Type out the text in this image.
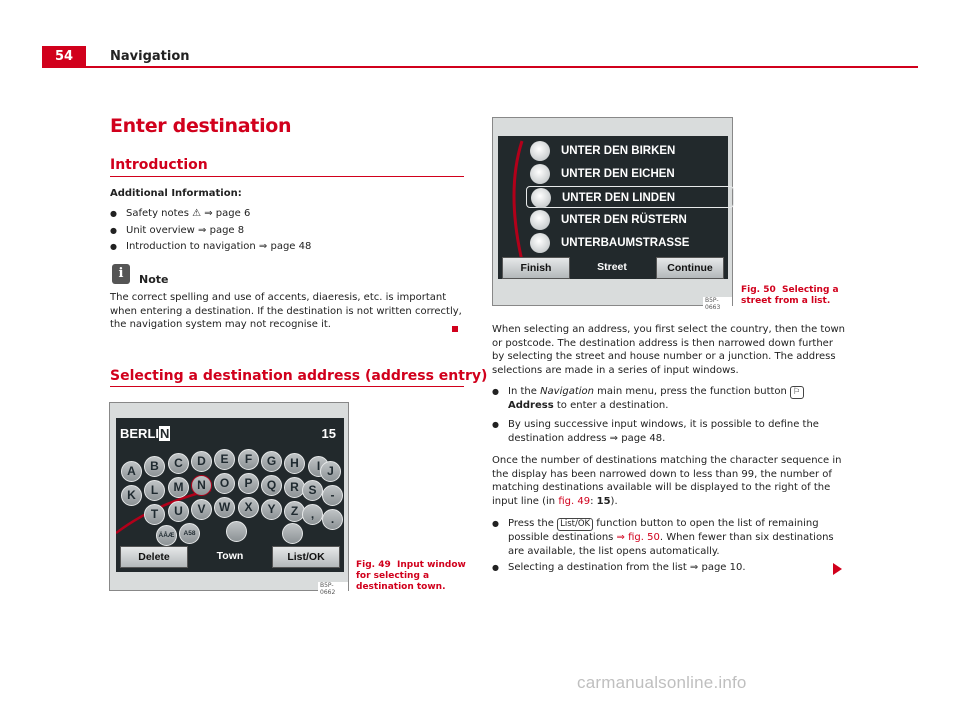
54	Navigation
Enter destination
Introduction
Additional Information:
● Safety notes ⚠ ⇒ page 6
● Unit overview ⇒ page 8
● Introduction to navigation ⇒ page 48
i	Note
The correct spelling and use of accents, diaeresis, etc. is important when entering a destination. If the destination is not written correctly, the navigation system may not recognise it.
Selecting a destination address (address entry)
BERLIN	15
A	B	C	D	E	F	G	H	I J
K	L	M	N	O	P	Q	R S	-
T	U	V	W	X	Y	Z	,	.
ÄÅÆ	A58
Delete	Town	List/OK
B5P-0662
Fig. 49 Input window for selecting a destination town.
UNTER DEN BIRKEN
UNTER DEN EICHEN
UNTER DEN LINDEN
UNTER DEN RÜSTERN
UNTERBAUMSTRASSE
Finish	Street	Continue
B5P-0663
Fig. 50 Selecting a street from a list.
When selecting an address, you first select the country, then the town or postcode. The destination address is then narrowed down further by selecting the street and house number or a junction. The address selections are made in a series of input windows.
● In the Navigation main menu, press the function button ⚐ Address to enter a destination.
● By using successive input windows, it is possible to define the destination address ⇒ page 48.
Once the number of destinations matching the character sequence in the display has been narrowed down to less than 99, the number of matching destinations available will be displayed to the right of the input line (in fig. 49: 15).
● Press the List/OK function button to open the list of remaining possible destinations ⇒ fig. 50. When fewer than six destinations are available, the list opens automatically.
● Selecting a destination from the list ⇒ page 10.
carmanualsonline.info
